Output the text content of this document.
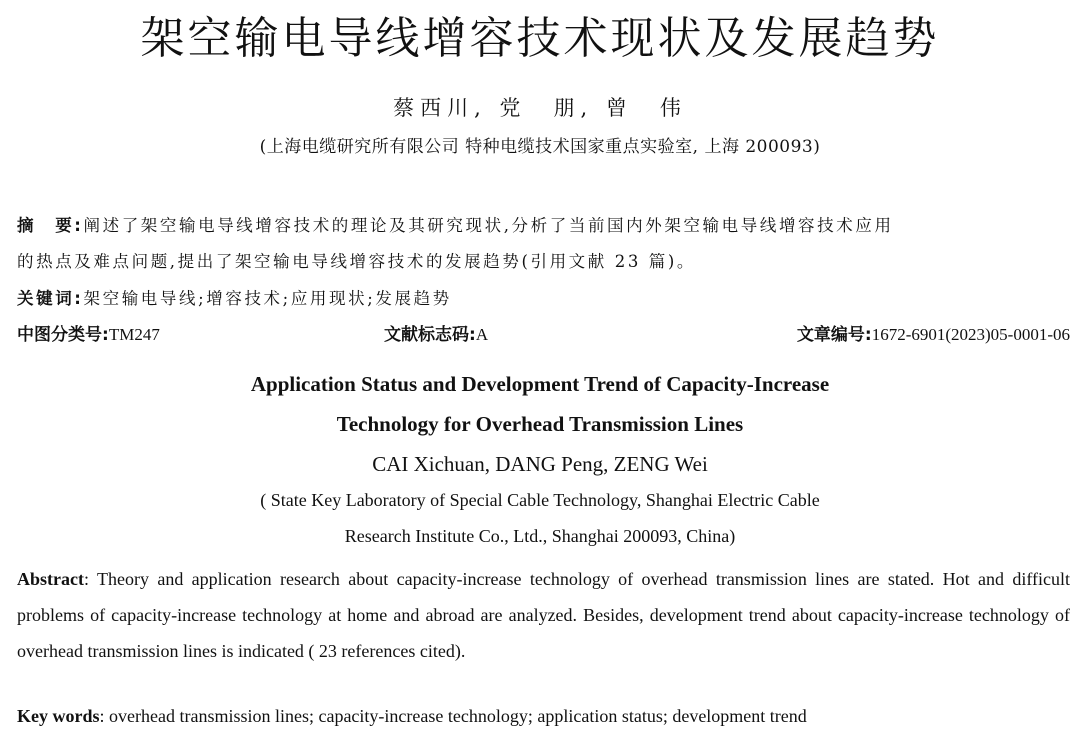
架空输电导线增容技术现状及发展趋势
蔡西川, 党　朋, 曾　伟
(上海电缆研究所有限公司 特种电缆技术国家重点实验室, 上海 200093)
摘　要:阐述了架空输电导线增容技术的理论及其研究现状,分析了当前国内外架空输电导线增容技术应用
的热点及难点问题,提出了架空输电导线增容技术的发展趋势(引用文献 23 篇)。
关键词:架空输电导线;增容技术;应用现状;发展趋势
中图分类号:TM247	文献标志码:A	文章编号:1672-6901(2023)05-0001-06
Application Status and Development Trend of Capacity-Increase
Technology for Overhead Transmission Lines
CAI Xichuan, DANG Peng, ZENG Wei
( State Key Laboratory of Special Cable Technology, Shanghai Electric Cable
Research Institute Co., Ltd., Shanghai 200093, China)
Abstract: Theory and application research about capacity-increase technology of overhead transmission lines are stated. Hot and difficult problems of capacity-increase technology at home and abroad are analyzed. Besides, development trend about capacity-increase technology of overhead transmission lines is indicated ( 23 references cited).
Key words: overhead transmission lines; capacity-increase technology; application status; development trend
